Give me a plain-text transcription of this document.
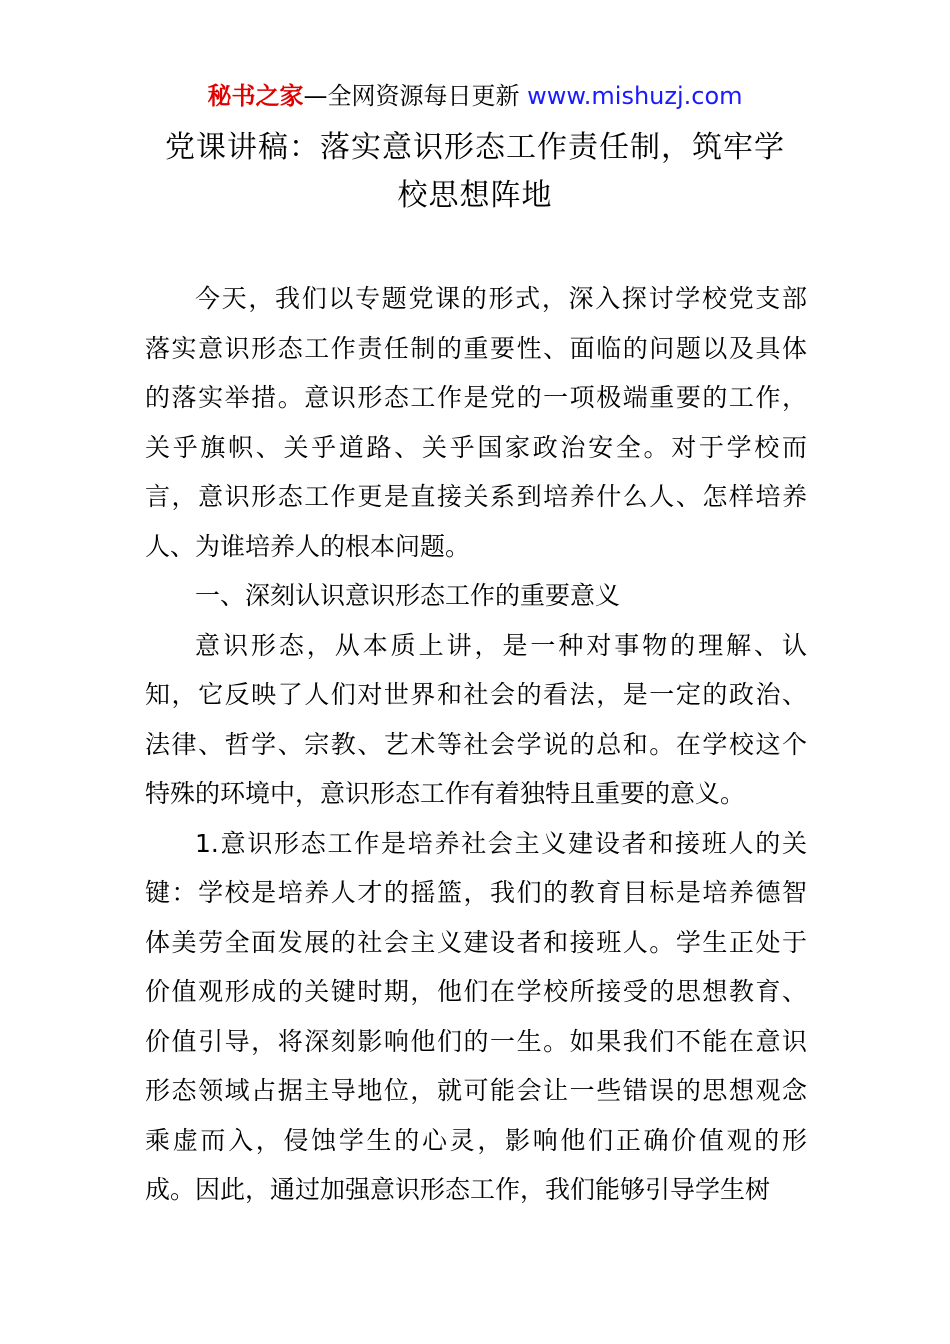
秘书之家—全网资源每日更新 www.mishuzj.com
党课讲稿：落实意识形态工作责任制，筑牢学
校思想阵地
今天，我们以专题党课的形式，深入探讨学校党支部
落实意识形态工作责任制的重要性、面临的问题以及具体
的落实举措。意识形态工作是党的一项极端重要的工作，
关乎旗帜、关乎道路、关乎国家政治安全。对于学校而
言，意识形态工作更是直接关系到培养什么人、怎样培养
人、为谁培养人的根本问题。
一、深刻认识意识形态工作的重要意义
意识形态，从本质上讲，是一种对事物的理解、认
知，它反映了人们对世界和社会的看法，是一定的政治、
法律、哲学、宗教、艺术等社会学说的总和。在学校这个
特殊的环境中，意识形态工作有着独特且重要的意义。
1.意识形态工作是培养社会主义建设者和接班人的关
键：学校是培养人才的摇篮，我们的教育目标是培养德智
体美劳全面发展的社会主义建设者和接班人。学生正处于
价值观形成的关键时期，他们在学校所接受的思想教育、
价值引导，将深刻影响他们的一生。如果我们不能在意识
形态领域占据主导地位，就可能会让一些错误的思想观念
乘虚而入，侵蚀学生的心灵，影响他们正确价值观的形
成。因此，通过加强意识形态工作，我们能够引导学生树
